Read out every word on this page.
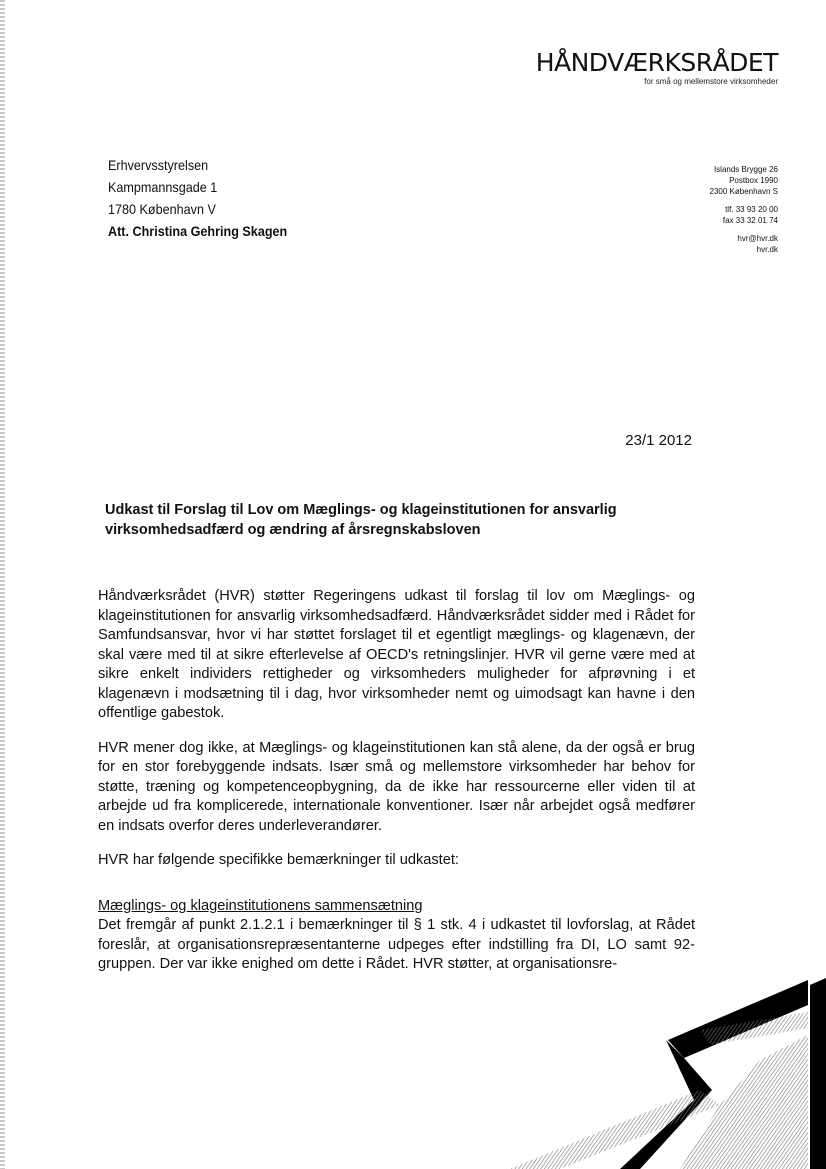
HÅNDVÆRKSRÅDET
for små og mellemstore virksomheder
Erhvervsstyrelsen
Kampmannsgade 1
1780 København V
Att. Christina Gehring Skagen
Islands Brygge 26
Postbox 1990
2300 København S
tlf. 33 93 20 00
fax 33 32 01 74
hvr@hvr.dk
hvr.dk
23/1 2012
Udkast til Forslag til Lov om Mæglings- og klageinstitutionen for ansvarlig virksomhedsadfærd og ændring af årsregnskabsloven

Håndværksrådet (HVR) støtter Regeringens udkast til forslag til lov om Mæglings- og klageinstitutionen for ansvarlig virksomhedsadfærd. Håndværksrådet sidder med i Rådet for Samfundsansvar, hvor vi har støttet forslaget til et egentligt mæglings- og klagenævn, der skal være med til at sikre efterlevelse af OECD's retningslinjer. HVR vil gerne være med at sikre enkelt individers rettigheder og virksomheders muligheder for afprøvning i et klagenævn i modsætning til i dag, hvor virksomheder nemt og uimodsagt kan havne i den offentlige gabestok.

HVR mener dog ikke, at Mæglings- og klageinstitutionen kan stå alene, da der også er brug for en stor forebyggende indsats. Især små og mellemstore virksomheder har behov for støtte, træning og kompetenceopbygning, da de ikke har ressourcerne eller viden til at arbejde ud fra komplicerede, internationale konventioner. Især når arbejdet også medfører en indsats overfor deres underleverandører.

HVR har følgende specifikke bemærkninger til udkastet:

Mæglings- og klageinstitutionens sammensætning

Det fremgår af punkt 2.1.2.1 i bemærkninger til § 1 stk. 4 i udkastet til lovforslag, at Rådet foreslår, at organisationsrepræsentanterne udpeges efter indstilling fra DI, LO samt 92-gruppen. Der var ikke enighed om dette i Rådet. HVR støtter, at organisationsre-
